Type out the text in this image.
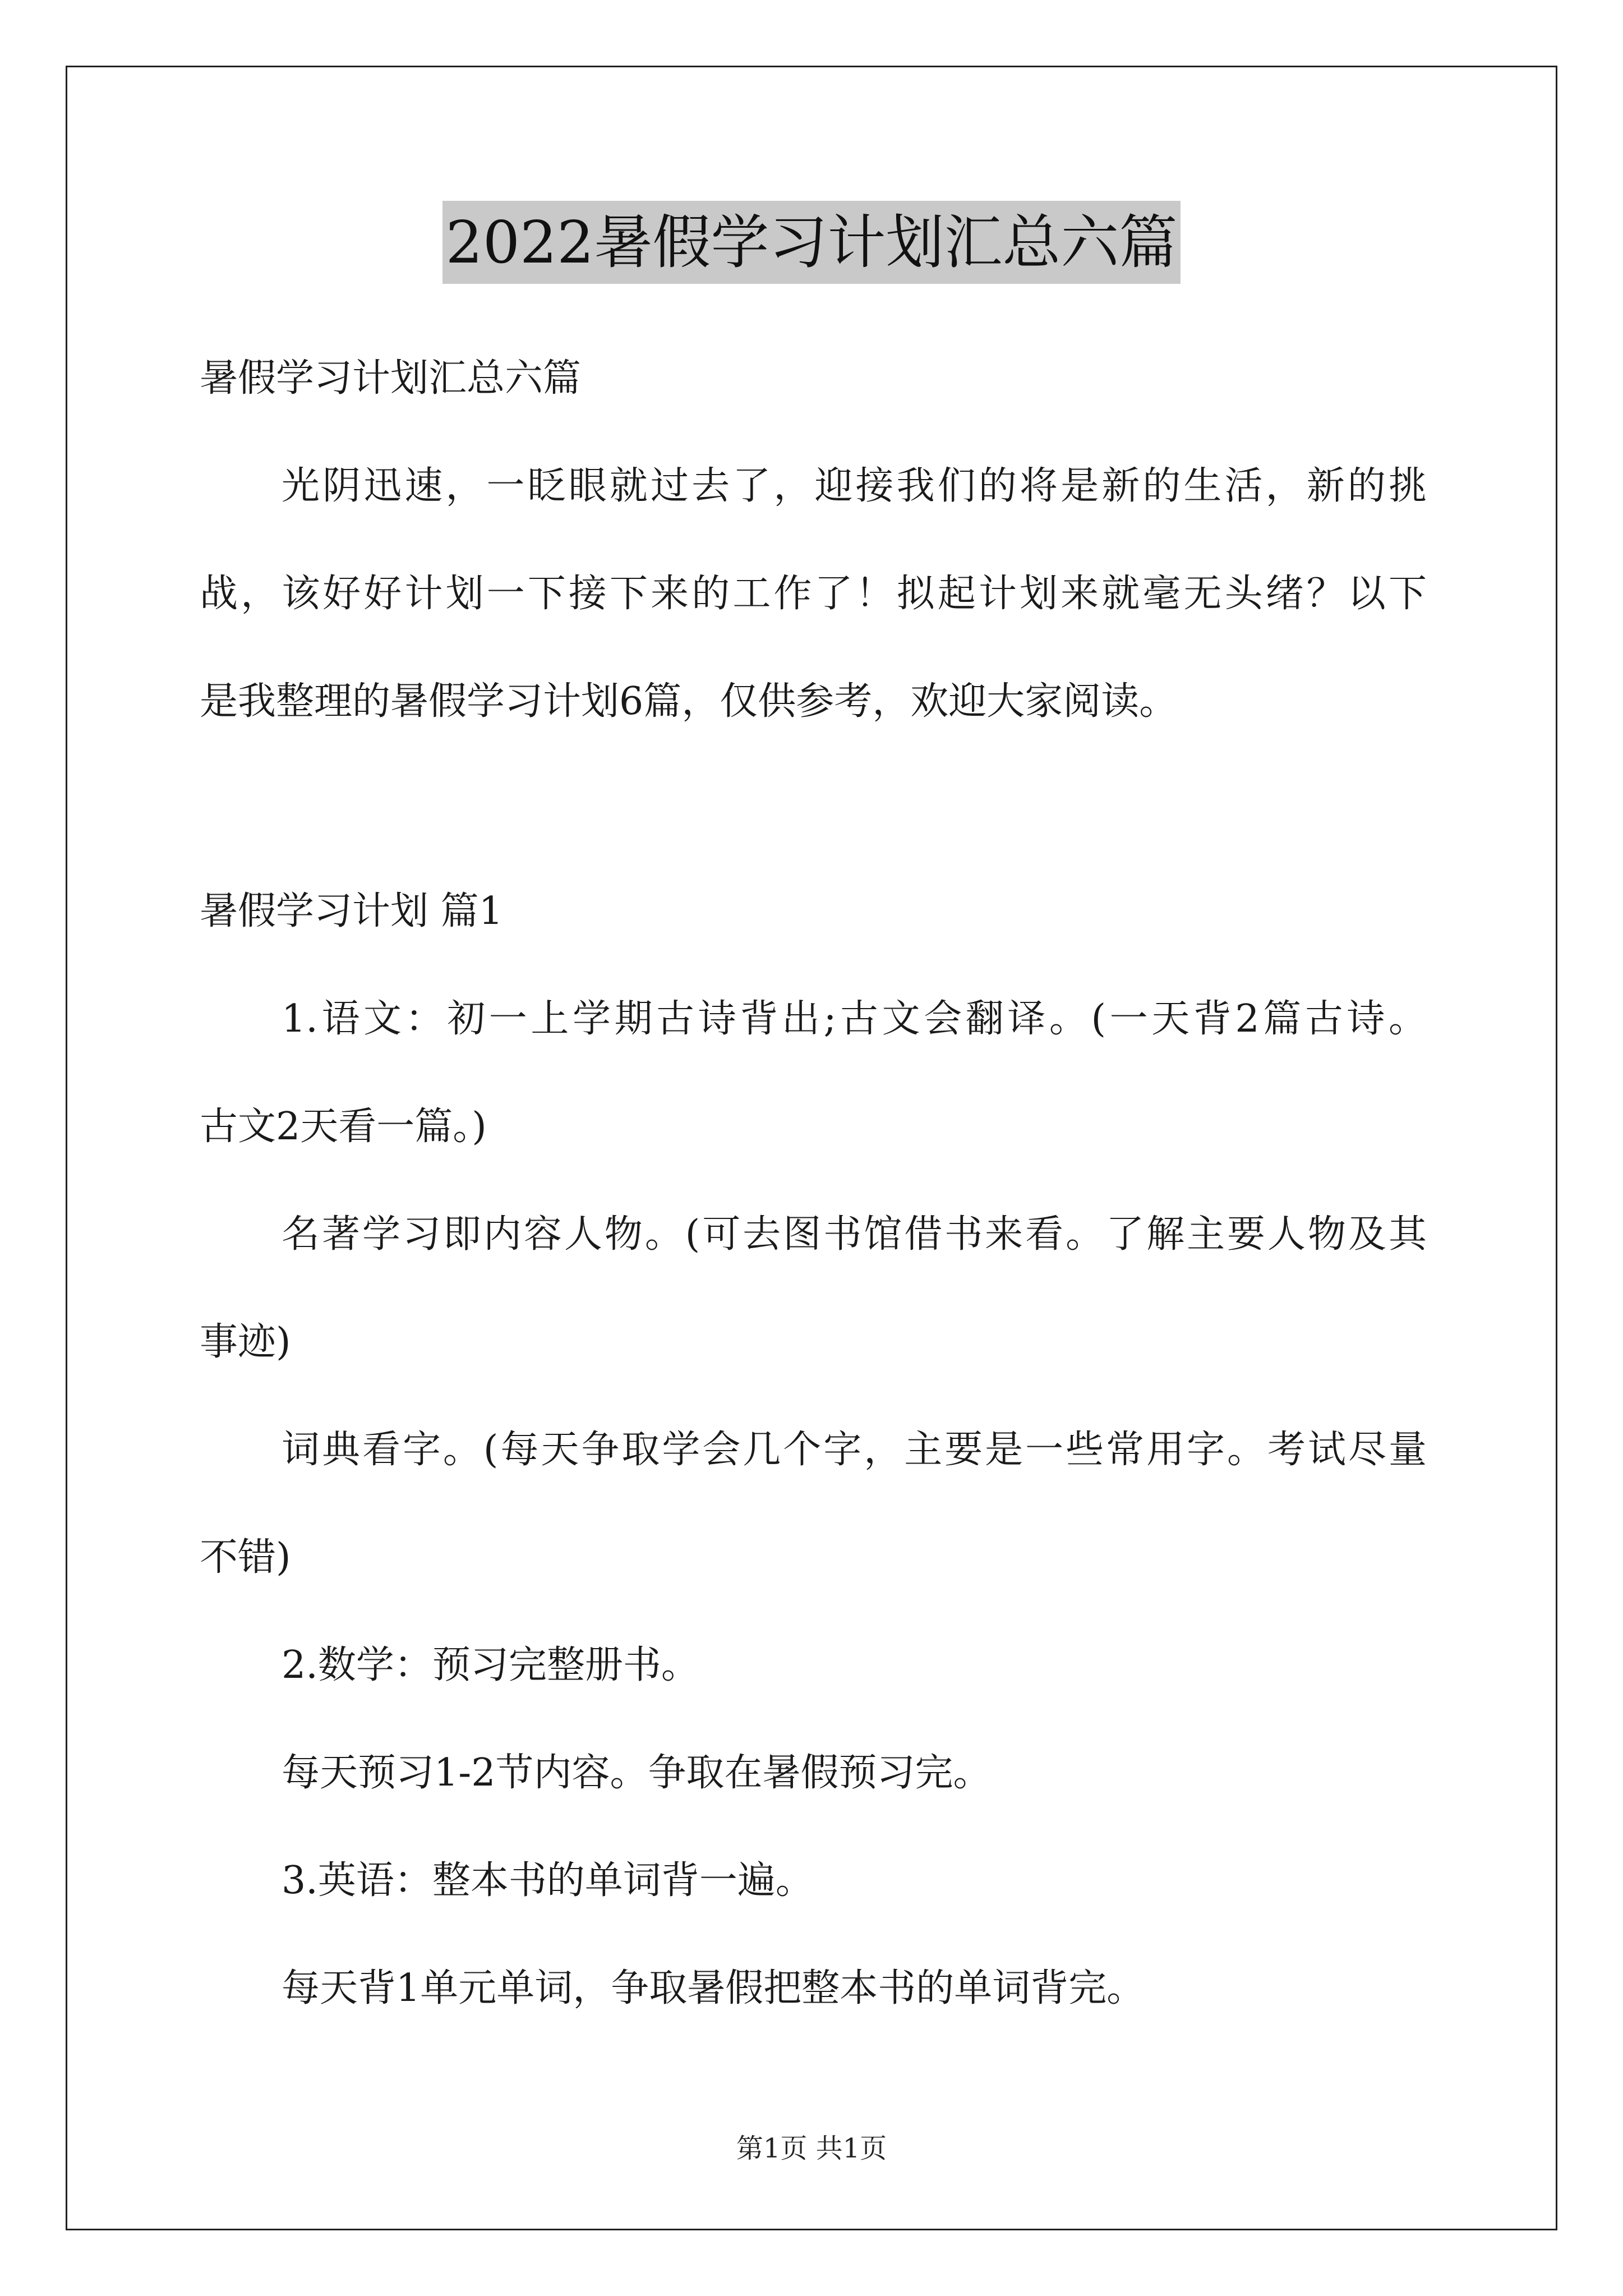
2022暑假学习计划汇总六篇
暑假学习计划汇总六篇
光阴迅速，一眨眼就过去了，迎接我们的将是新的生活，新的挑
战，该好好计划一下接下来的工作了！拟起计划来就毫无头绪？以下
是我整理的暑假学习计划6篇，仅供参考，欢迎大家阅读。
暑假学习计划 篇1
1.语文：初一上学期古诗背出;古文会翻译。(一天背2篇古诗。
古文2天看一篇。)
名著学习即内容人物。(可去图书馆借书来看。了解主要人物及其
事迹)
词典看字。(每天争取学会几个字，主要是一些常用字。考试尽量
不错)
2.数学：预习完整册书。
每天预习1-2节内容。争取在暑假预习完。
3.英语：整本书的单词背一遍。
每天背1单元单词，争取暑假把整本书的单词背完。
第1页 共1页
